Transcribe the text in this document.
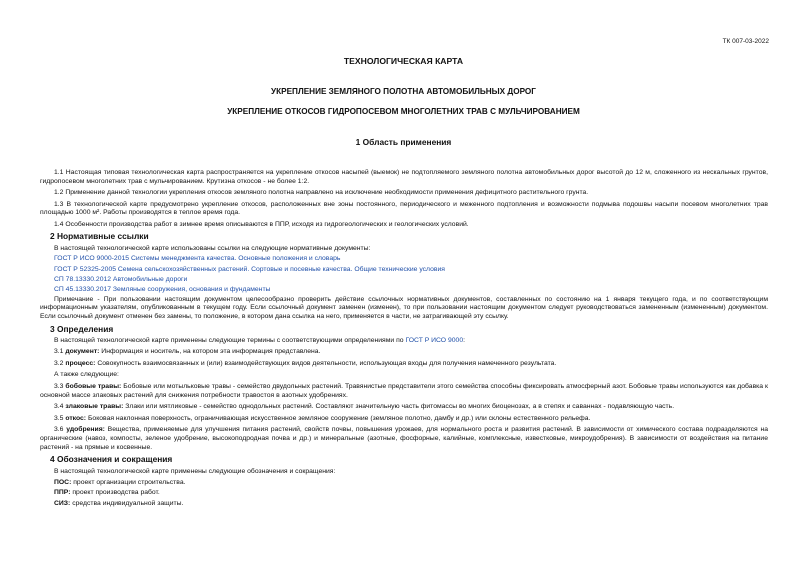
ТК 007-03-2022
ТЕХНОЛОГИЧЕСКАЯ КАРТА
УКРЕПЛЕНИЕ ЗЕМЛЯНОГО ПОЛОТНА АВТОМОБИЛЬНЫХ ДОРОГ
УКРЕПЛЕНИЕ ОТКОСОВ ГИДРОПОСЕВОМ МНОГОЛЕТНИХ ТРАВ С МУЛЬЧИРОВАНИЕМ
1 Область применения

1.1 Настоящая типовая технологическая карта распространяется на укрепление откосов насыпей (выемок) не подтопляемого земляного полотна автомобильных дорог высотой до 12 м, сложенного из нескальных грунтов, гидропосевом многолетних трав с мульчированием. Крутизна откосов - не более 1:2.

1.2 Применение данной технологии укрепления откосов земляного полотна направлено на исключение необходимости применения дефицитного растительного грунта.

1.3 В технологической карте предусмотрено укрепление откосов, расположенных вне зоны постоянного, периодического и меженного подтопления и возможности подмыва подошвы насыпи посевом многолетних трав площадью 1000 м². Работы производятся в теплое время года.

1.4 Особенности производства работ в зимнее время описываются в ППР, исходя из гидрогеологических и геологических условий.

2 Нормативные ссылки

В настоящей технологической карте использованы ссылки на следующие нормативные документы:

ГОСТ Р ИСО 9000-2015 Системы менеджмента качества. Основные положения и словарь
ГОСТ Р 52325-2005 Семена сельскохозяйственных растений. Сортовые и посевные качества. Общие технические условия
СП 78.13330.2012 Автомобильные дороги
СП 45.13330.2017 Земляные сооружения, основания и фундаменты

Примечание - При пользовании настоящим документом целесообразно проверить действие ссылочных нормативных документов, составленных по состоянию на 1 января текущего года, и по соответствующим информационным указателям, опубликованным в текущем году. Если ссылочный документ заменен (изменен), то при пользовании настоящим документом следует руководствоваться замененным (измененным) документом. Если ссылочный документ отменен без замены, то положение, в котором дана ссылка на него, применяется в части, не затрагивающей эту ссылку.

3 Определения

В настоящей технологической карте применены следующие термины с соответствующими определениями по ГОСТ Р ИСО 9000:

3.1 документ: Информация и носитель, на котором эта информация представлена.

3.2 процесс: Совокупность взаимосвязанных и (или) взаимодействующих видов деятельности, использующая входы для получения намеченного результата.

А также следующие:

3.3 бобовые травы: Бобовые или мотыльковые травы - семейство двудольных растений. Травянистые представители этого семейства способны фиксировать атмосферный азот. Бобовые травы используются как добавка к основной массе злаковых растений для снижения потребности травостоя в азотных удобрениях.

3.4 злаковые травы: Злаки или мятликовые - семейство однодольных растений. Составляют значительную часть фитомассы во многих биоценозах, а в степях и саваннах - подавляющую часть.

3.5 откос: Боковая наклонная поверхность, ограничивающая искусственное земляное сооружение (земляное полотно, дамбу и др.) или склоны естественного рельефа.

3.6 удобрения: Вещества, применяемые для улучшения питания растений, свойств почвы, повышения урожаев, для нормального роста и развития растений. В зависимости от химического состава подразделяются на органические (навоз, компосты, зеленое удобрение, высокоподродная почва и др.) и минеральные (азотные, фосфорные, калийные, комплексные, известковые, микроудобрения). В зависимости от воздействия на питание растений - на прямые и косвенные.

4 Обозначения и сокращения

В настоящей технологической карте применены следующие обозначения и сокращения:

ПОС: проект организации строительства.

ППР: проект производства работ.

СИЗ: средства индивидуальной защиты.
